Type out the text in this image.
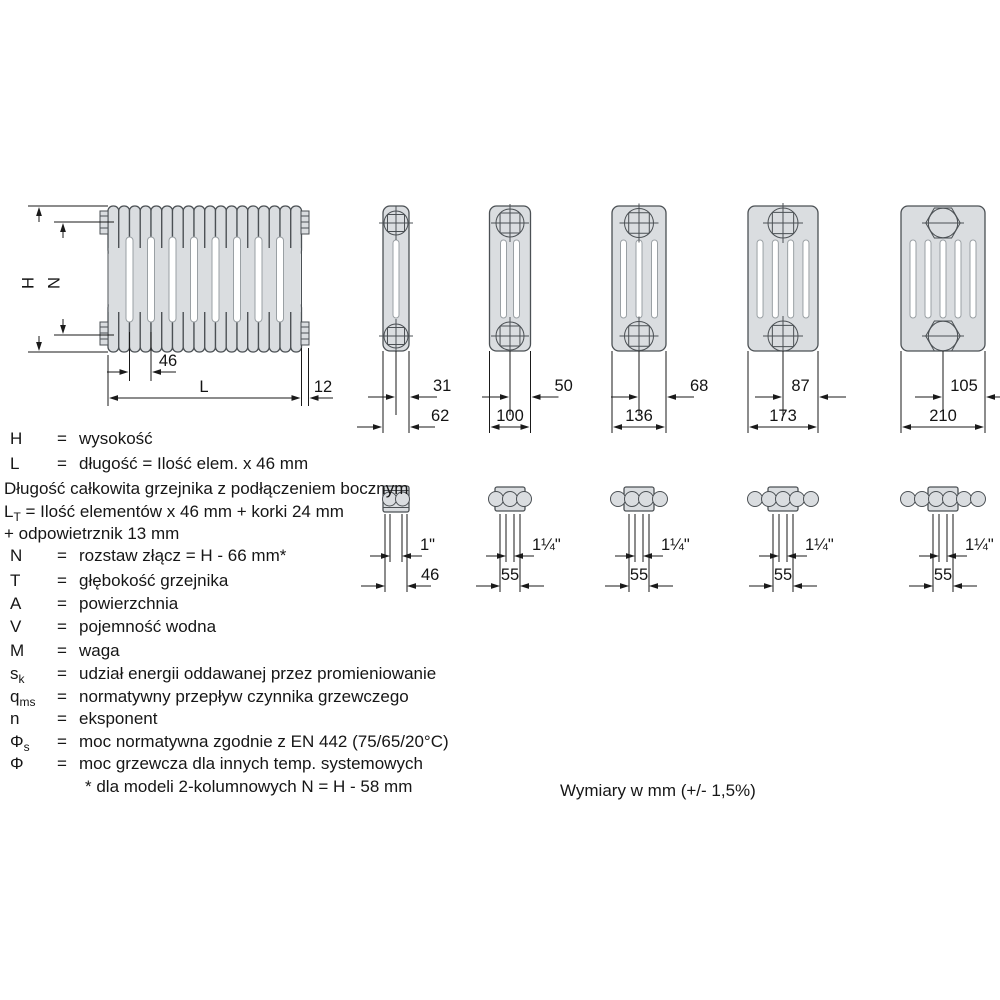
H N
46
L	12	31
62
1"
46
50
100
1¼"
55
68
136
1¼"
55
87
173
1¼"
55
105
210
1¼"
55
H = wysokość
L = długość = Ilość elem. x 46 mm
Długość całkowita grzejnika z podłączeniem bocznym
$L_T$ = Ilość elementów x 46 mm + korki 24 mm
+ odpowietrznik 13 mm
N = rozstaw złącz = H - 66 mm*
T = głębokość grzejnika
A = powierzchnia
V = pojemność wodna
M = waga
$s_k$ = udział energii oddawanej przez promieniowanie
$q_{ms}$ = normatywny przepływ czynnika grzewczego
n = eksponent
$\Phi_s$ = moc normatywna zgodnie z EN 442 (75/65/20°C)
Φ = moc grzewcza dla innych temp. systemowych
* dla modeli 2-kolumnowych N = H - 58 mm	Wymiary w mm (+/- 1,5%)
